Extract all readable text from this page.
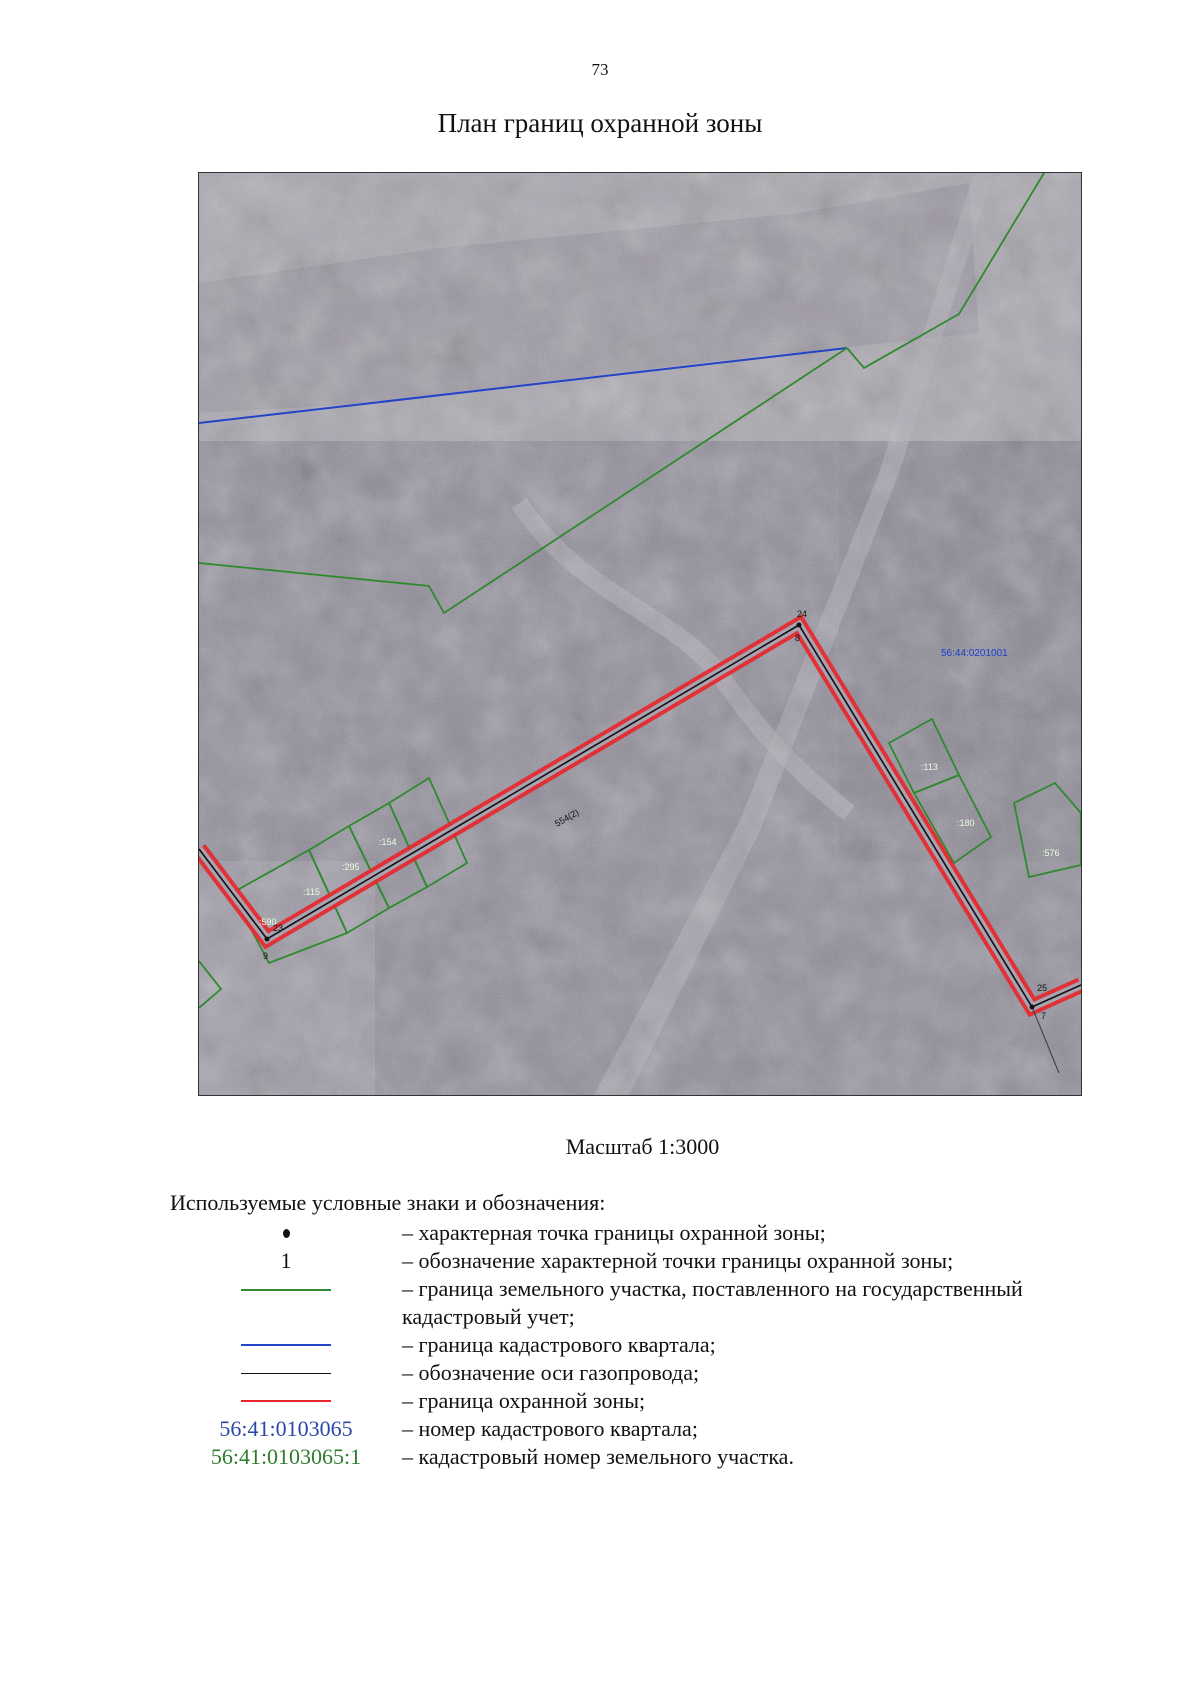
73
План границ охранной зоны
56:44:0201001
554(2)
:590
:115
:295
:154
:113
:180
:576
24
8
23
9
25
7
Масштаб 1:3000
Используемые условные знаки и обозначения:
– характерная точка границы охранной зоны;
1	– обозначение характерной точки границы охранной зоны;
– граница земельного участка, поставленного на государственный кадастровый учет;
– граница кадастрового квартала;
– обозначение оси газопровода;
– граница охранной зоны;
56:41:0103065	– номер кадастрового квартала;
56:41:0103065:1	– кадастровый номер земельного участка.
